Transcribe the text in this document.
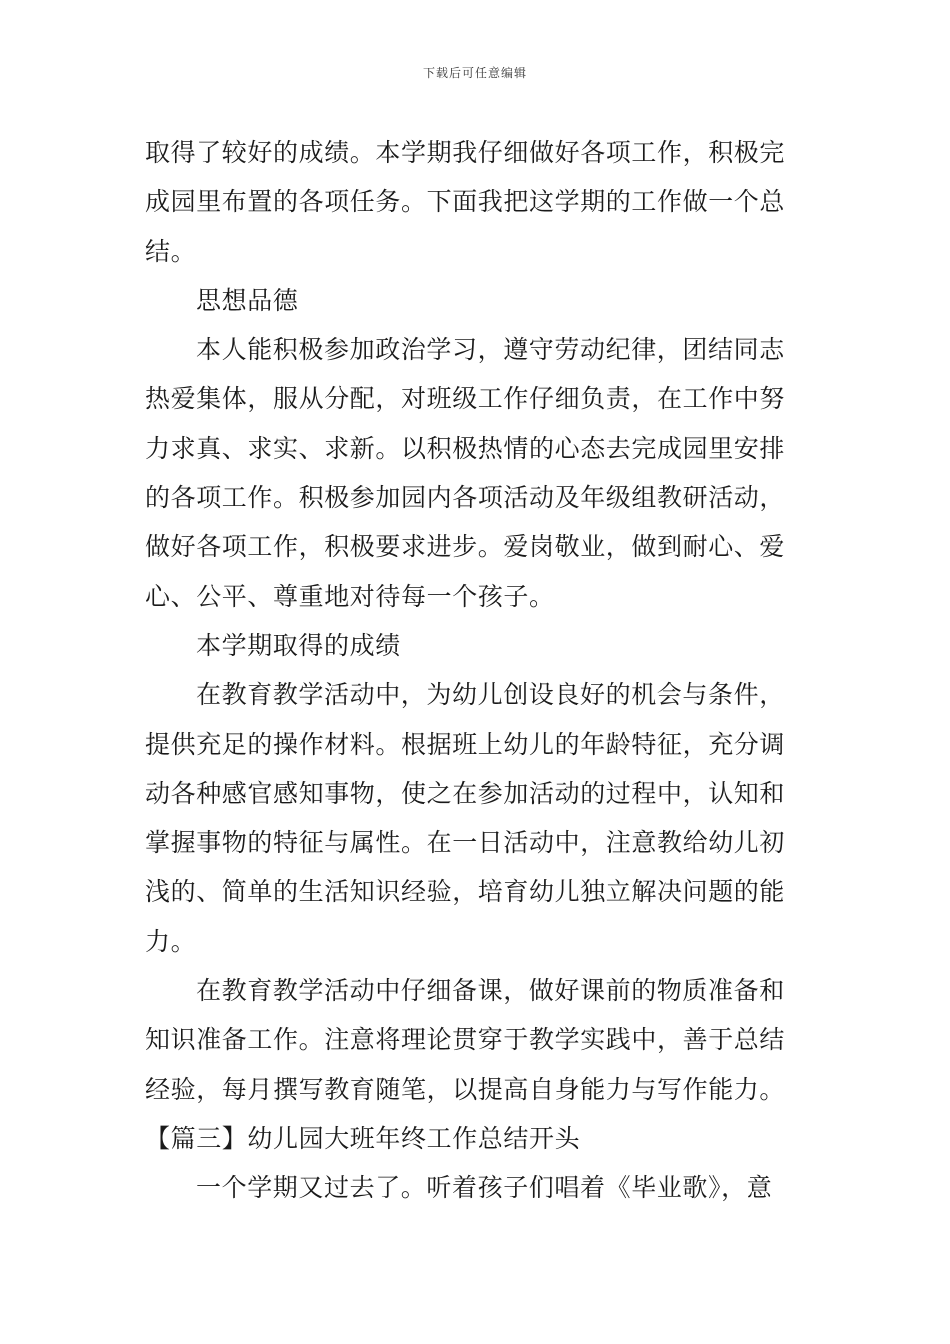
下载后可任意编辑
取得了较好的成绩。本学期我仔细做好各项工作，积极完
成园里布置的各项任务。下面我把这学期的工作做一个总
结。
思想品德
本人能积极参加政治学习，遵守劳动纪律，团结同志
热爱集体，服从分配，对班级工作仔细负责，在工作中努
力求真、求实、求新。以积极热情的心态去完成园里安排
的各项工作。积极参加园内各项活动及年级组教研活动，
做好各项工作，积极要求进步。爱岗敬业，做到耐心、爱
心、公平、尊重地对待每一个孩子。
本学期取得的成绩
在教育教学活动中，为幼儿创设良好的机会与条件，
提供充足的操作材料。根据班上幼儿的年龄特征，充分调
动各种感官感知事物，使之在参加活动的过程中，认知和
掌握事物的特征与属性。在一日活动中，注意教给幼儿初
浅的、简单的生活知识经验，培育幼儿独立解决问题的能
力。
在教育教学活动中仔细备课，做好课前的物质准备和
知识准备工作。注意将理论贯穿于教学实践中，善于总结
经验，每月撰写教育随笔，以提高自身能力与写作能力。
【篇三】幼儿园大班年终工作总结开头
一个学期又过去了。听着孩子们唱着《毕业歌》，意
